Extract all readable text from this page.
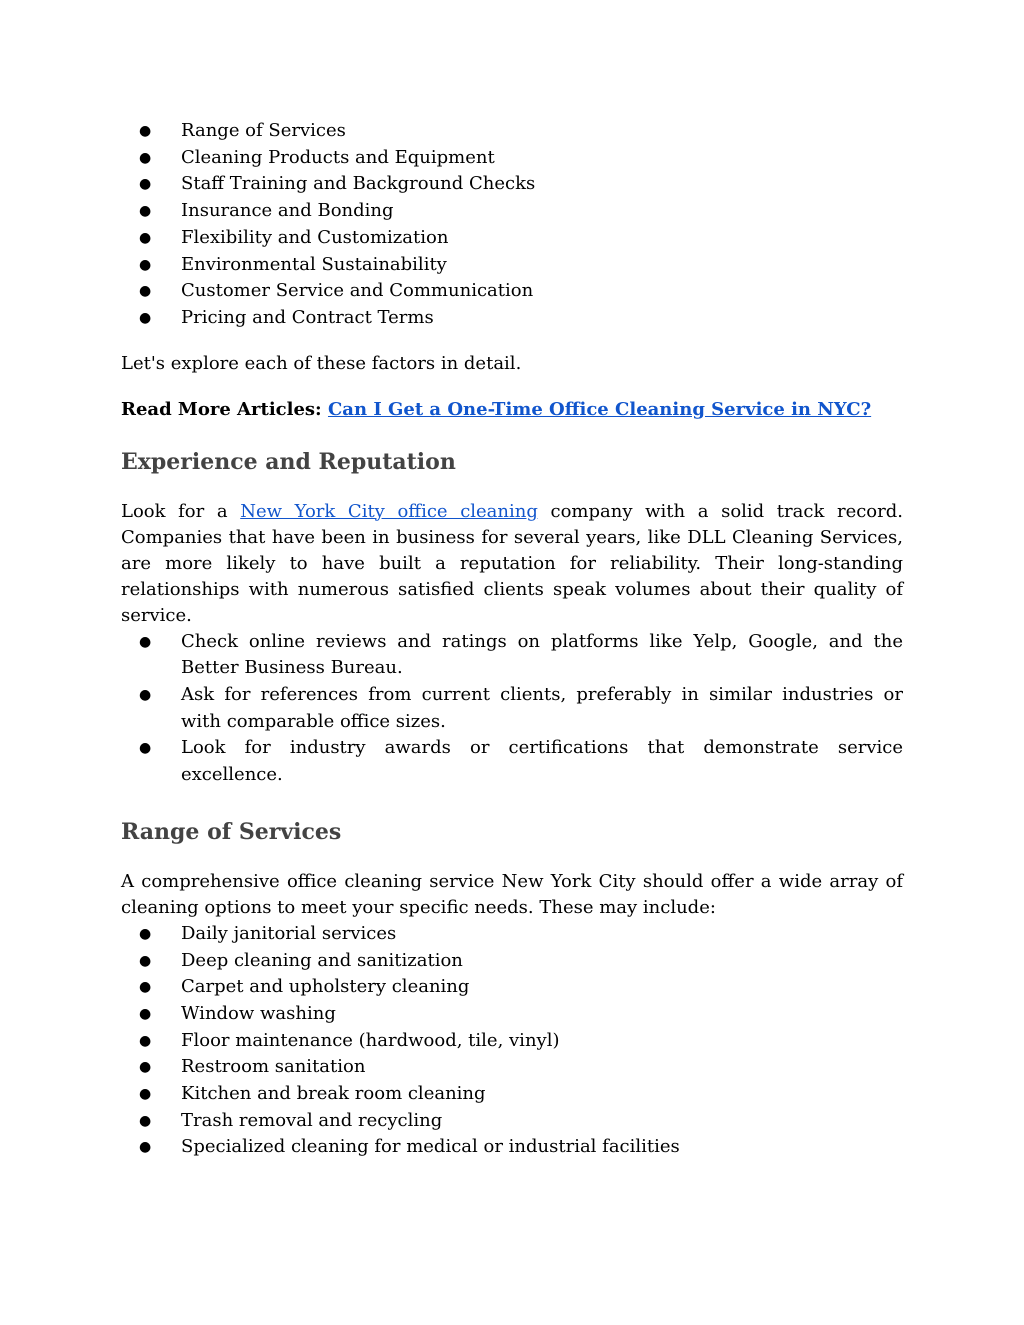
● Range of Services
● Cleaning Products and Equipment
● Staff Training and Background Checks
● Insurance and Bonding
● Flexibility and Customization
● Environmental Sustainability
● Customer Service and Communication
● Pricing and Contract Terms

Let's explore each of these factors in detail.

Read More Articles: Can I Get a One-Time Office Cleaning Service in NYC?

Experience and Reputation

Look for a New York City office cleaning company with a solid track record. Companies that have been in business for several years, like DLL Cleaning Services, are more likely to have built a reputation for reliability. Their long-standing relationships with numerous satisfied clients speak volumes about their quality of service.

● Check online reviews and ratings on platforms like Yelp, Google, and the Better Business Bureau.
● Ask for references from current clients, preferably in similar industries or with comparable office sizes.
● Look for industry awards or certifications that demonstrate service excellence.
Range of Services

A comprehensive office cleaning service New York City should offer a wide array of cleaning options to meet your specific needs. These may include:

● Daily janitorial services
● Deep cleaning and sanitization
● Carpet and upholstery cleaning
● Window washing
● Floor maintenance (hardwood, tile, vinyl)
● Restroom sanitation
● Kitchen and break room cleaning
● Trash removal and recycling
● Specialized cleaning for medical or industrial facilities
